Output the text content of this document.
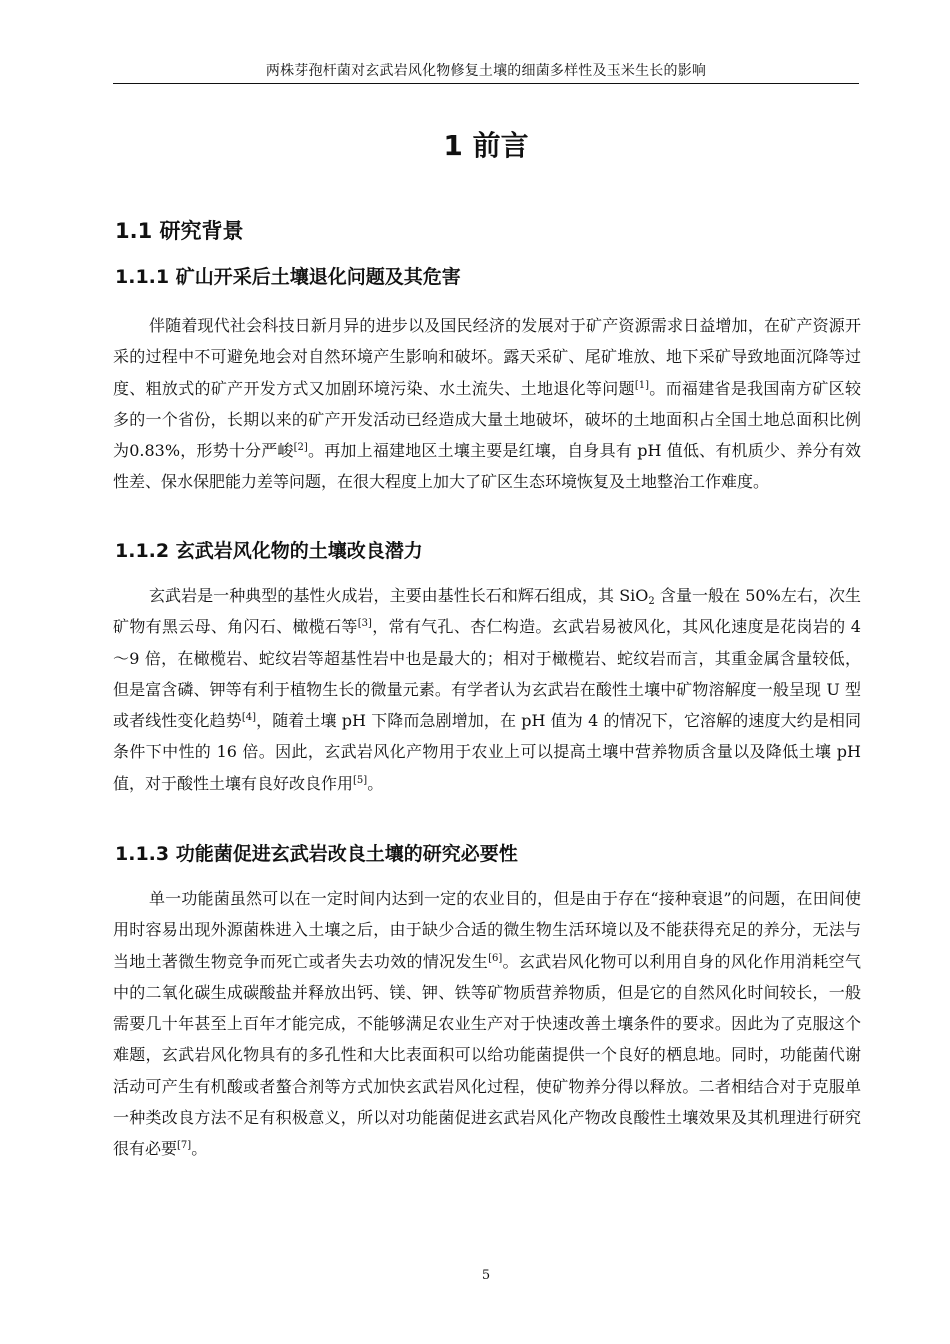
两株芽孢杆菌对玄武岩风化物修复土壤的细菌多样性及玉米生长的影响
1 前言
1.1 研究背景
1.1.1 矿山开采后土壤退化问题及其危害

伴随着现代社会科技日新月异的进步以及国民经济的发展对于矿产资源需求日益增加，在矿产资源开采的过程中不可避免地会对自然环境产生影响和破坏。露天采矿、尾矿堆放、地下采矿导致地面沉降等过度、粗放式的矿产开发方式又加剧环境污染、水土流失、土地退化等问题[1]。而福建省是我国南方矿区较多的一个省份，长期以来的矿产开发活动已经造成大量土地破坏，破坏的土地面积占全国土地总面积比例为0.83%，形势十分严峻[2]。再加上福建地区土壤主要是红壤，自身具有 pH 值低、有机质少、养分有效性差、保水保肥能力差等问题，在很大程度上加大了矿区生态环境恢复及土地整治工作难度。

1.1.2 玄武岩风化物的土壤改良潜力

玄武岩是一种典型的基性火成岩，主要由基性长石和辉石组成，其 SiO$_2$ 含量一般在 50%左右，次生矿物有黑云母、角闪石、橄榄石等[3]，常有气孔、杏仁构造。玄武岩易被风化，其风化速度是花岗岩的 4～9 倍，在橄榄岩、蛇纹岩等超基性岩中也是最大的；相对于橄榄岩、蛇纹岩而言，其重金属含量较低，但是富含磷、钾等有利于植物生长的微量元素。有学者认为玄武岩在酸性土壤中矿物溶解度一般呈现 U 型或者线性变化趋势[4]，随着土壤 pH 下降而急剧增加，在 pH 值为 4 的情况下，它溶解的速度大约是相同条件下中性的 16 倍。因此，玄武岩风化产物用于农业上可以提高土壤中营养物质含量以及降低土壤 pH 值，对于酸性土壤有良好改良作用[5]。

1.1.3 功能菌促进玄武岩改良土壤的研究必要性

单一功能菌虽然可以在一定时间内达到一定的农业目的，但是由于存在“接种衰退”的问题，在田间使用时容易出现外源菌株进入土壤之后，由于缺少合适的微生物生活环境以及不能获得充足的养分，无法与当地土著微生物竞争而死亡或者失去功效的情况发生[6]。玄武岩风化物可以利用自身的风化作用消耗空气中的二氧化碳生成碳酸盐并释放出钙、镁、钾、铁等矿物质营养物质，但是它的自然风化时间较长，一般需要几十年甚至上百年才能完成，不能够满足农业生产对于快速改善土壤条件的要求。因此为了克服这个难题，玄武岩风化物具有的多孔性和大比表面积可以给功能菌提供一个良好的栖息地。同时，功能菌代谢活动可产生有机酸或者螯合剂等方式加快玄武岩风化过程，使矿物养分得以释放。二者相结合对于克服单一种类改良方法不足有积极意义，所以对功能菌促进玄武岩风化产物改良酸性土壤效果及其机理进行研究很有必要[7]。

5
